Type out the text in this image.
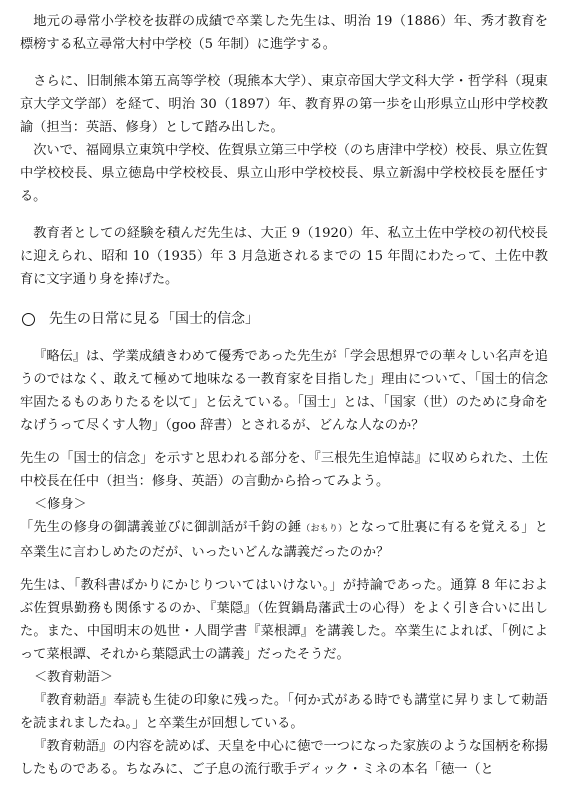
地元の尋常小学校を抜群の成績で卒業した先生は、明治 19（1886）年、秀才教育を標榜する私立尋常大村中学校（5 年制）に進学する。

さらに、旧制熊本第五高等学校（現熊本大学）、東京帝国大学文科大学・哲学科（現東京大学文学部）を経て、明治 30（1897）年、教育界の第一歩を山形県立山形中学校教諭（担当：英語、修身）として踏み出した。

次いで、福岡県立東筑中学校、佐賀県立第三中学校（のち唐津中学校）校長、県立佐賀中学校校長、県立徳島中学校校長、県立山形中学校校長、県立新潟中学校校長を歴任する。

教育者としての経験を積んだ先生は、大正 9（1920）年、私立土佐中学校の初代校長に迎えられ、昭和 10（1935）年 3 月急逝されるまでの 15 年間にわたって、土佐中教育に文字通り身を捧げた。

先生の日常に見る「国士的信念」

『略伝』は、学業成績きわめて優秀であった先生が「学会思想界での華々しい名声を追うのではなく、敢えて極めて地味なる一教育家を目指した」理由について、「国士的信念牢固たるものありたるを以て」と伝えている。「国士」とは、「国家（世）のために身命をなげうって尽くす人物」（goo 辞書）とされるが、どんな人なのか？

先生の「国士的信念」を示すと思われる部分を、『三根先生追悼誌』に収められた、土佐中校長在任中（担当：修身、英語）の言動から拾ってみよう。

＜修身＞

「先生の修身の御講義並びに御訓話が千鈞の錘（おもり）となって肚裏に有るを覚える」と卒業生に言わしめたのだが、いったいどんな講義だったのか？

先生は、「教科書ばかりにかじりついてはいけない。」が持論であった。通算 8 年におよぶ佐賀県勤務も関係するのか、『葉隠』（佐賀鍋島藩武士の心得）をよく引き合いに出した。また、中国明末の処世・人間学書『菜根譚』を講義した。卒業生によれば、「例によって菜根譚、それから葉隠武士の講義」だったそうだ。

＜教育勅語＞

『教育勅語』奉読も生徒の印象に残った。「何か式がある時でも講堂に昇りまして勅語を読まれましたね。」と卒業生が回想している。

『教育勅語』の内容を読めば、天皇を中心に徳で一つになった家族のような国柄を称揚したものである。ちなみに、ご子息の流行歌手ディック・ミネの本名「徳一（と
